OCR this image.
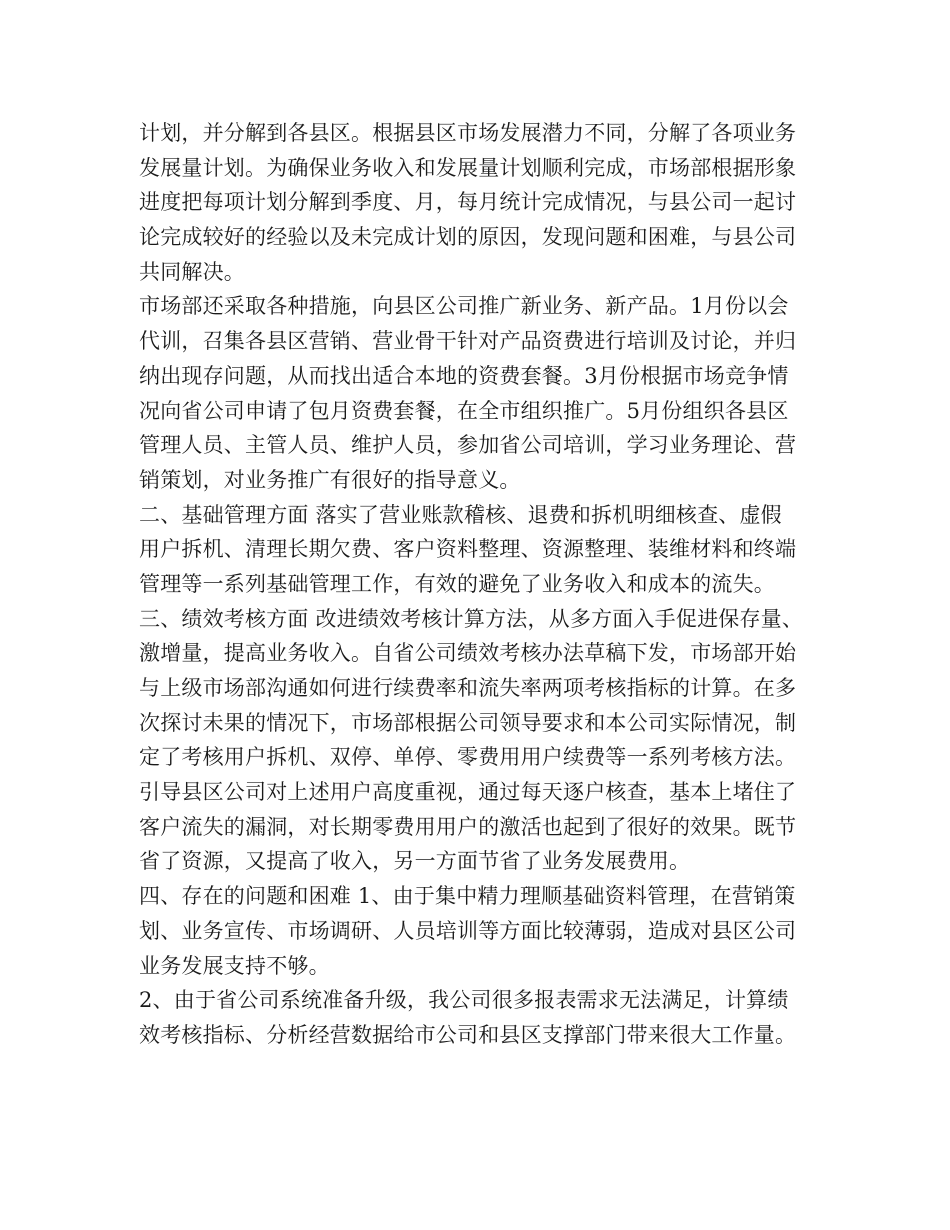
计划，并分解到各县区。根据县区市场发展潜力不同，分解了各项业务
发展量计划。为确保业务收入和发展量计划顺利完成，市场部根据形象
进度把每项计划分解到季度、月，每月统计完成情况，与县公司一起讨
论完成较好的经验以及未完成计划的原因，发现问题和困难，与县公司
共同解决。
市场部还采取各种措施，向县区公司推广新业务、新产品。1月份以会
代训，召集各县区营销、营业骨干针对产品资费进行培训及讨论，并归
纳出现存问题，从而找出适合本地的资费套餐。3月份根据市场竞争情
况向省公司申请了包月资费套餐，在全市组织推广。5月份组织各县区
管理人员、主管人员、维护人员，参加省公司培训，学习业务理论、营
销策划，对业务推广有很好的指导意义。
二、基础管理方面 落实了营业账款稽核、退费和拆机明细核查、虚假
用户拆机、清理长期欠费、客户资料整理、资源整理、装维材料和终端
管理等一系列基础管理工作，有效的避免了业务收入和成本的流失。
三、绩效考核方面 改进绩效考核计算方法，从多方面入手促进保存量、
激增量，提高业务收入。自省公司绩效考核办法草稿下发，市场部开始
与上级市场部沟通如何进行续费率和流失率两项考核指标的计算。在多
次探讨未果的情况下，市场部根据公司领导要求和本公司实际情况，制
定了考核用户拆机、双停、单停、零费用用户续费等一系列考核方法。
引导县区公司对上述用户高度重视，通过每天逐户核查，基本上堵住了
客户流失的漏洞，对长期零费用用户的激活也起到了很好的效果。既节
省了资源，又提高了收入，另一方面节省了业务发展费用。
四、存在的问题和困难 1、由于集中精力理顺基础资料管理，在营销策
划、业务宣传、市场调研、人员培训等方面比较薄弱，造成对县区公司
业务发展支持不够。
2、由于省公司系统准备升级，我公司很多报表需求无法满足，计算绩
效考核指标、分析经营数据给市公司和县区支撑部门带来很大工作量。
